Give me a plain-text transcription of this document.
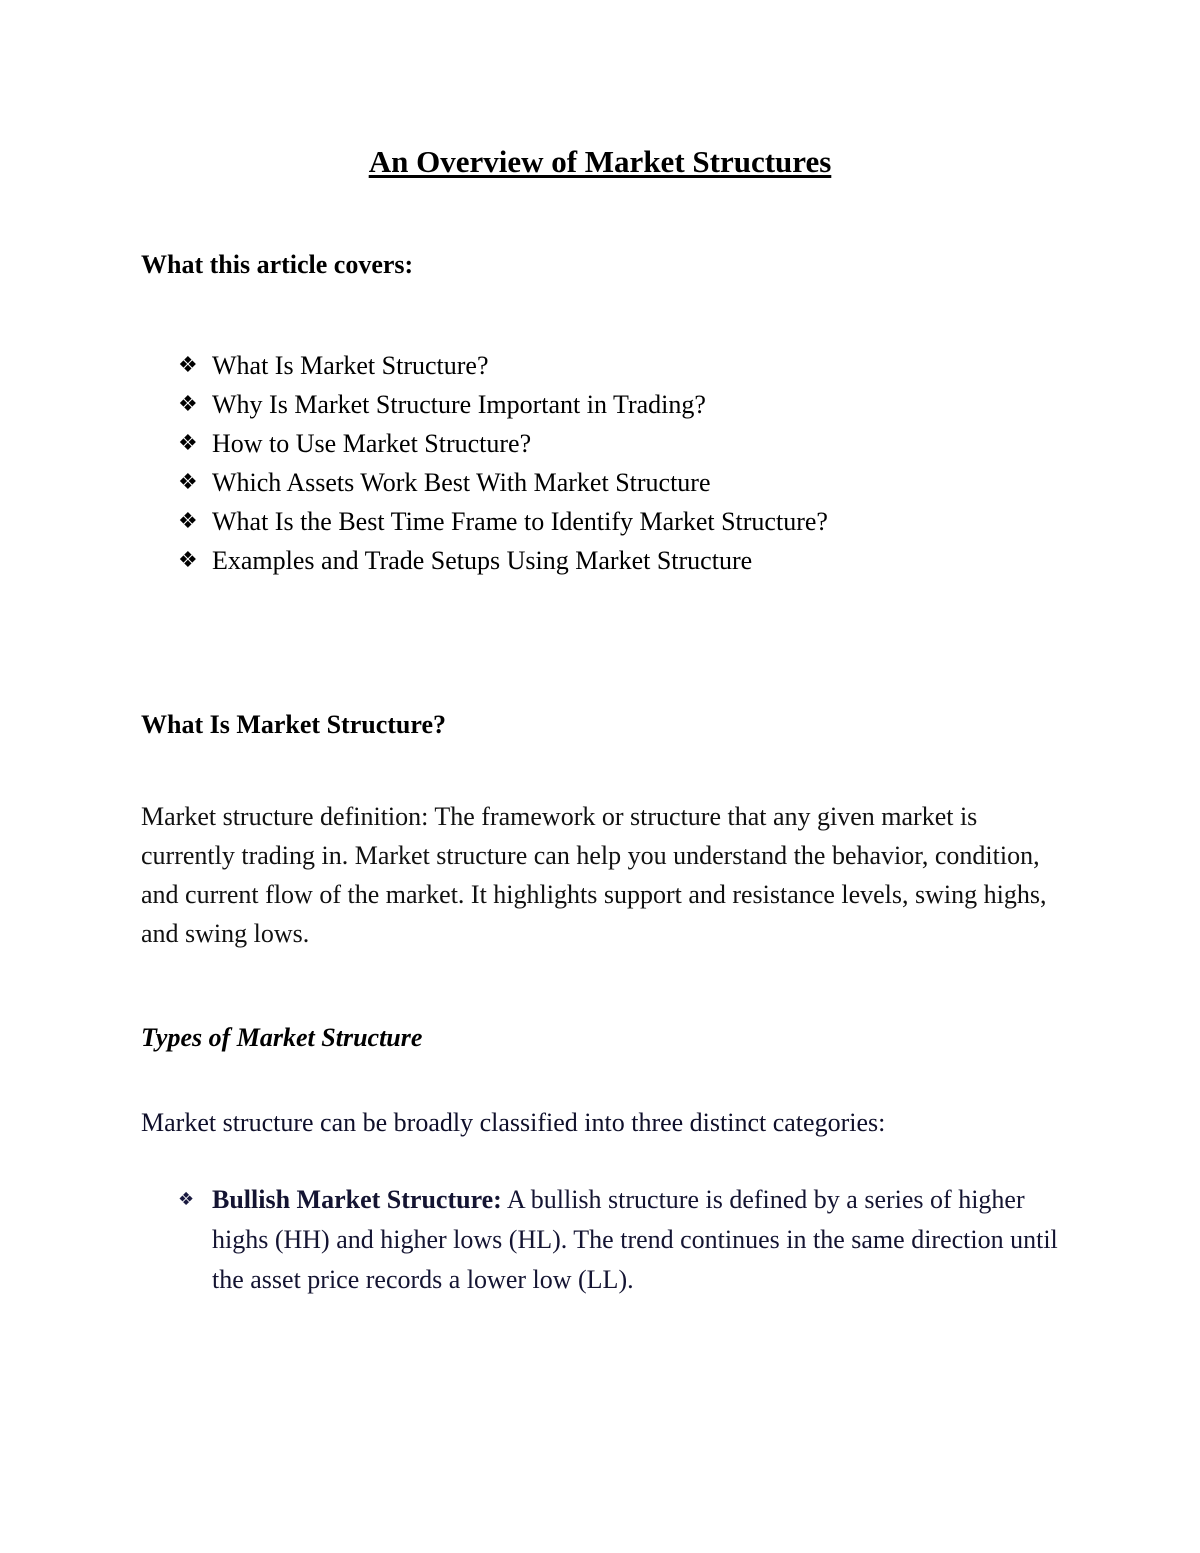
An Overview of Market Structures
What this article covers:
❖ What Is Market Structure?
❖ Why Is Market Structure Important in Trading?
❖ How to Use Market Structure?
❖ Which Assets Work Best With Market Structure
❖ What Is the Best Time Frame to Identify Market Structure?
❖ Examples and Trade Setups Using Market Structure
What Is Market Structure?

Market structure definition: The framework or structure that any given market is currently trading in. Market structure can help you understand the behavior, condition, and current flow of the market. It highlights support and resistance levels, swing highs, and swing lows.

Types of Market Structure

Market structure can be broadly classified into three distinct categories:

❖ Bullish Market Structure: A bullish structure is defined by a series of higher highs (HH) and higher lows (HL). The trend continues in the same direction until the asset price records a lower low (LL).
